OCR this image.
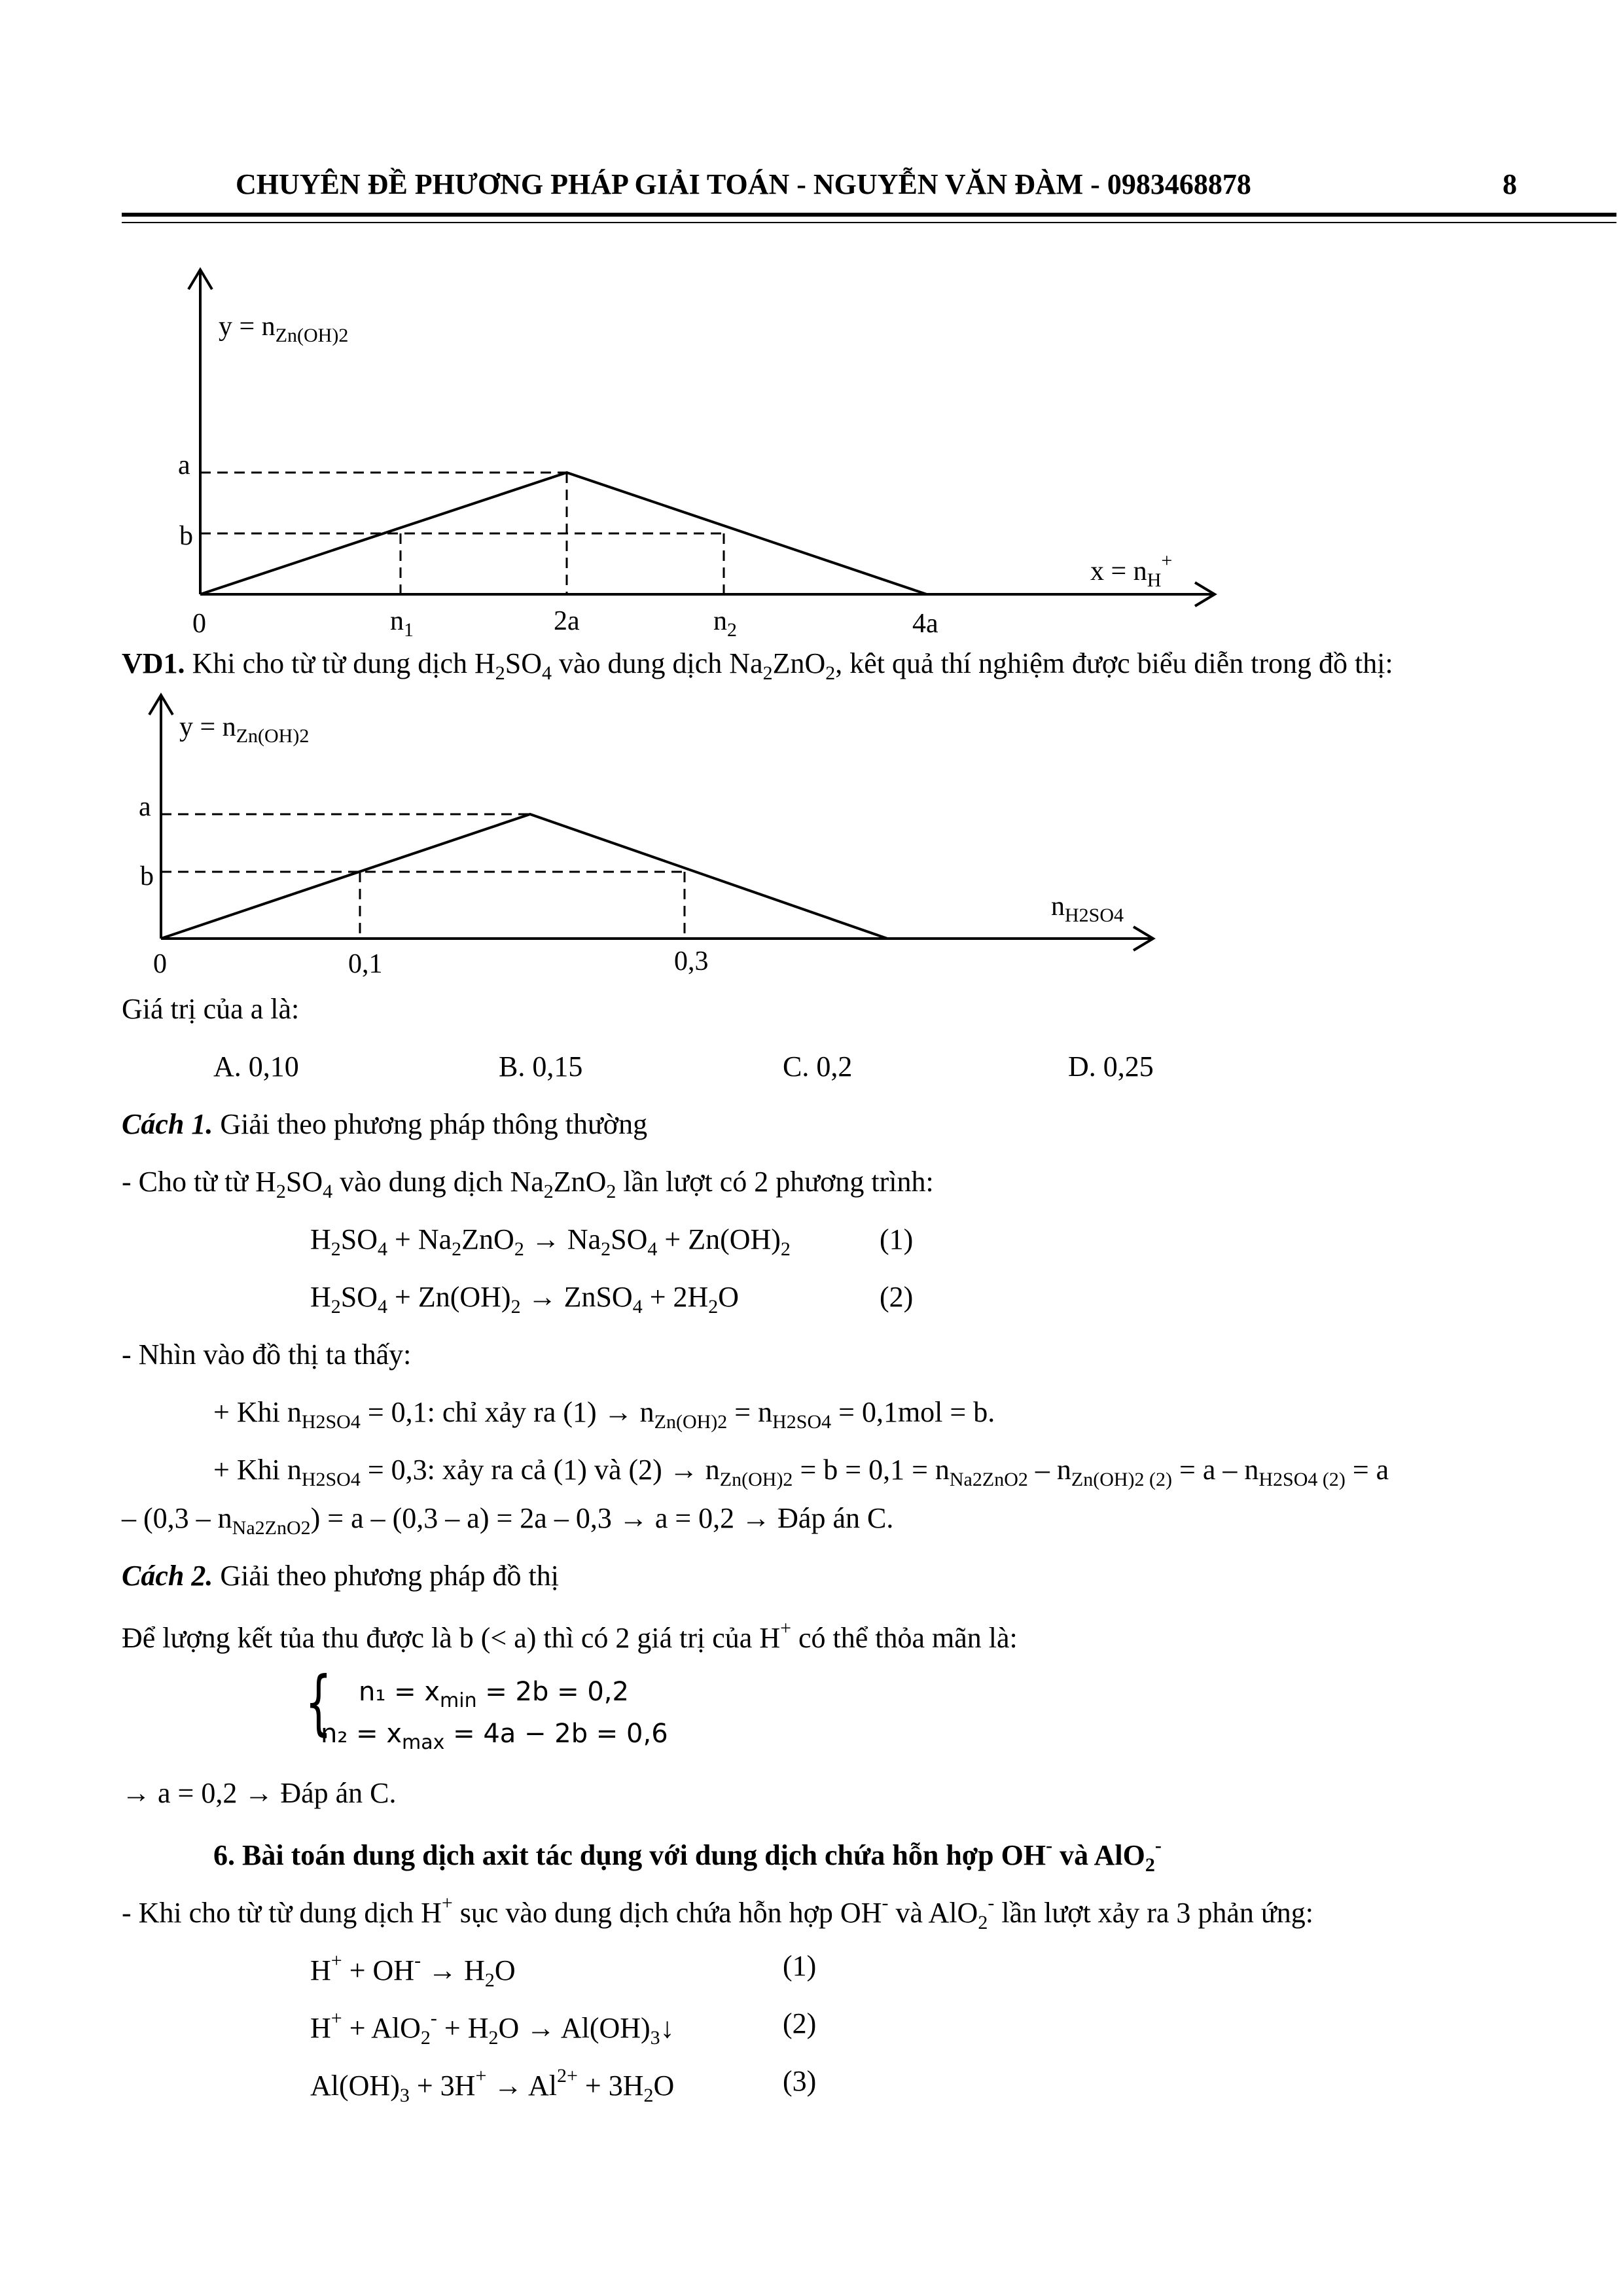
CHUYÊN ĐỀ PHƯƠNG PHÁP GIẢI TOÁN - NGUYỄN VĂN ĐÀM - 0983468878	8
$y = n_{Zn(OH)2}$
a
b
$x = n_H^+$
0	$n_1$	2a	$n_2$	4a
VD1. Khi cho từ từ dung dịch $H_2SO_4$ vào dung dịch $Na_2ZnO_2$, kêt quả thí nghiệm được biểu diễn trong đồ thị:
$y = n_{Zn(OH)2}$
a
b
$n_{H2SO4}$
0	0,1	0,3
Giá trị của a là:
A. 0,10	B. 0,15	C. 0,2	D. 0,25
Cách 1. Giải theo phương pháp thông thường
- Cho từ từ $H_2SO_4$ vào dung dịch $Na_2ZnO_2$ lần lượt có 2 phương trình:
$H_2SO_4 + Na_2ZnO_2 \to Na_2SO_4 + Zn(OH)_2$	(1)
$H_2SO_4 + Zn(OH)_2$ → ZnSO$_4$ + $2H_2O$	(2)
- Nhìn vào đồ thị ta thấy:
+ Khi $n_{H2SO4} = 0,1$: chỉ xảy ra $(1) \to n_{Zn(OH)2} = n_{H2SO4} = 0,1mol = b$.
+ Khi $n_{H2SO4} = 0,3$: xảy ra cả (1) và $(2) \to n_{Zn(OH)2} = b = 0,1 = n_{Na2ZnO2} - n_{Zn(OH)2 (2)} = a - n_{H2SO4 (2)} = a$
– $(0,3 - n_{Na2ZnO2}) = a - (0,3 - a) = 2a - 0,3 \to a = 0,2$ → Đáp án C.
Cách 2. Giải theo phương pháp đồ thị
Để lượng kết tủa thu được là b (< a) thì có 2 giá trị của H+ có thể thỏa mãn là:
{ $n_1 = x_{min} = 2b = 0,2$
$n_2 = x_{max} = 4a - 2b = 0,6$
→ a = 0,2 → Đáp án C.
6. Bài toán dung dịch axit tác dụng với dung dịch chứa hỗn hợp OH- và AlO$_2$-
- Khi cho từ từ dung dịch H+ sục vào dung dịch chứa hỗn hợp OH- và AlO$_2$- lần lượt xảy ra 3 phản ứng:
$H^+ + OH^- \to H_2O$	(1)
$H^+ + AlO_2^- + H_2O$ → $Al(OH)_3↓$	(2)
$Al(OH)_3 + 3H^+ \to Al^{2+} + 3H_2O$	(3)
